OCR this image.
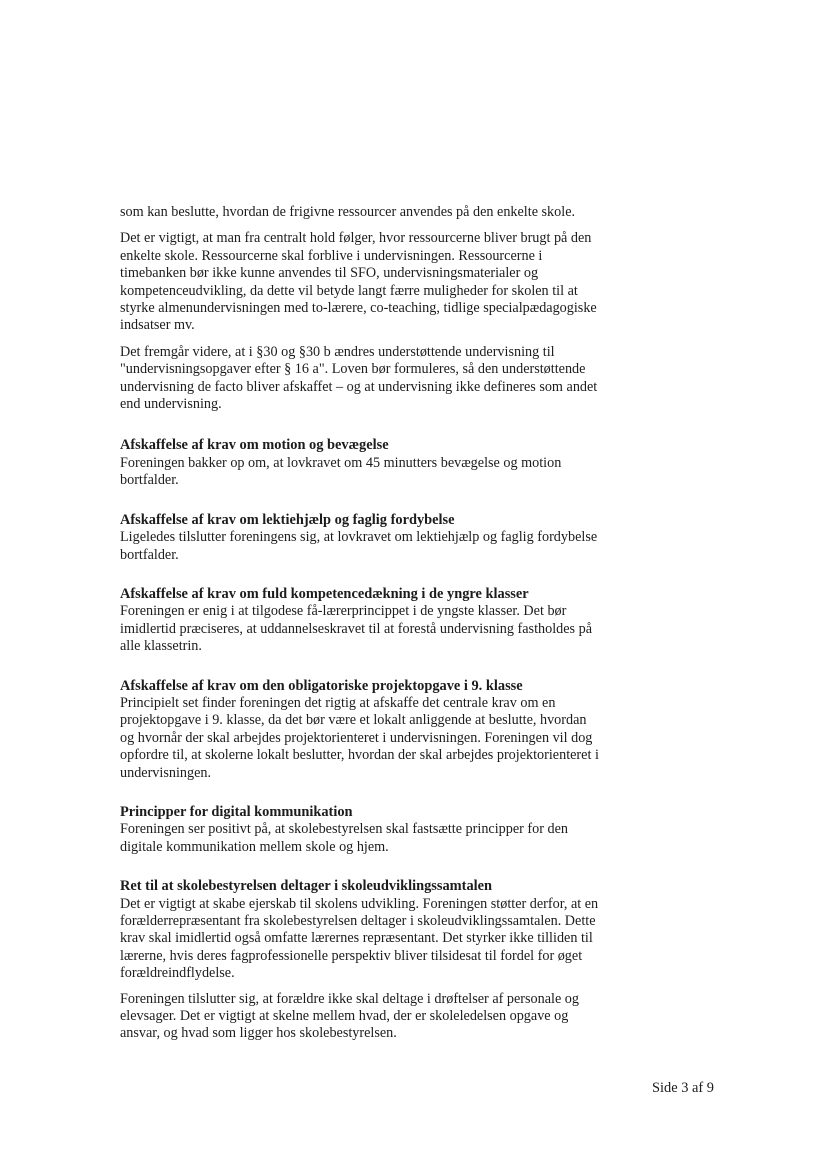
som kan beslutte, hvordan de frigivne ressourcer anvendes på den enkelte skole.

Det er vigtigt, at man fra centralt hold følger, hvor ressourcerne bliver brugt på den enkelte skole. Ressourcerne skal forblive i undervisningen. Ressourcerne i timebanken bør ikke kunne anvendes til SFO, undervisningsmaterialer og kompetenceudvikling, da dette vil betyde langt færre muligheder for skolen til at styrke almenundervisningen med to-lærere, co-teaching, tidlige specialpædagogiske indsatser mv.

Det fremgår videre, at i §30 og §30 b ændres understøttende undervisning til "undervisningsopgaver efter § 16 a". Loven bør formuleres, så den understøttende undervisning de facto bliver afskaffet – og at undervisning ikke defineres som andet end undervisning.

Afskaffelse af krav om motion og bevægelse

Foreningen bakker op om, at lovkravet om 45 minutters bevægelse og motion bortfalder.

Afskaffelse af krav om lektiehjælp og faglig fordybelse

Ligeledes tilslutter foreningens sig, at lovkravet om lektiehjælp og faglig fordybelse bortfalder.

Afskaffelse af krav om fuld kompetencedækning i de yngre klasser

Foreningen er enig i at tilgodese få-lærerprincippet i de yngste klasser. Det bør imidlertid præciseres, at uddannelseskravet til at forestå undervisning fastholdes på alle klassetrin.

Afskaffelse af krav om den obligatoriske projektopgave i 9. klasse

Principielt set finder foreningen det rigtig at afskaffe det centrale krav om en projektopgave i 9. klasse, da det bør være et lokalt anliggende at beslutte, hvordan og hvornår der skal arbejdes projektorienteret i undervisningen. Foreningen vil dog opfordre til, at skolerne lokalt beslutter, hvordan der skal arbejdes projektorienteret i undervisningen.

Principper for digital kommunikation

Foreningen ser positivt på, at skolebestyrelsen skal fastsætte principper for den digitale kommunikation mellem skole og hjem.

Ret til at skolebestyrelsen deltager i skoleudviklingssamtalen

Det er vigtigt at skabe ejerskab til skolens udvikling. Foreningen støtter derfor, at en forælderrepræsentant fra skolebestyrelsen deltager i skoleudviklingssamtalen. Dette krav skal imidlertid også omfatte lærernes repræsentant. Det styrker ikke tilliden til lærerne, hvis deres fagprofessionelle perspektiv bliver tilsidesat til fordel for øget forældreindflydelse.

Foreningen tilslutter sig, at forældre ikke skal deltage i drøftelser af personale og elevsager. Det er vigtigt at skelne mellem hvad, der er skoleledelsen opgave og ansvar, og hvad som ligger hos skolebestyrelsen.

Side 3 af 9
